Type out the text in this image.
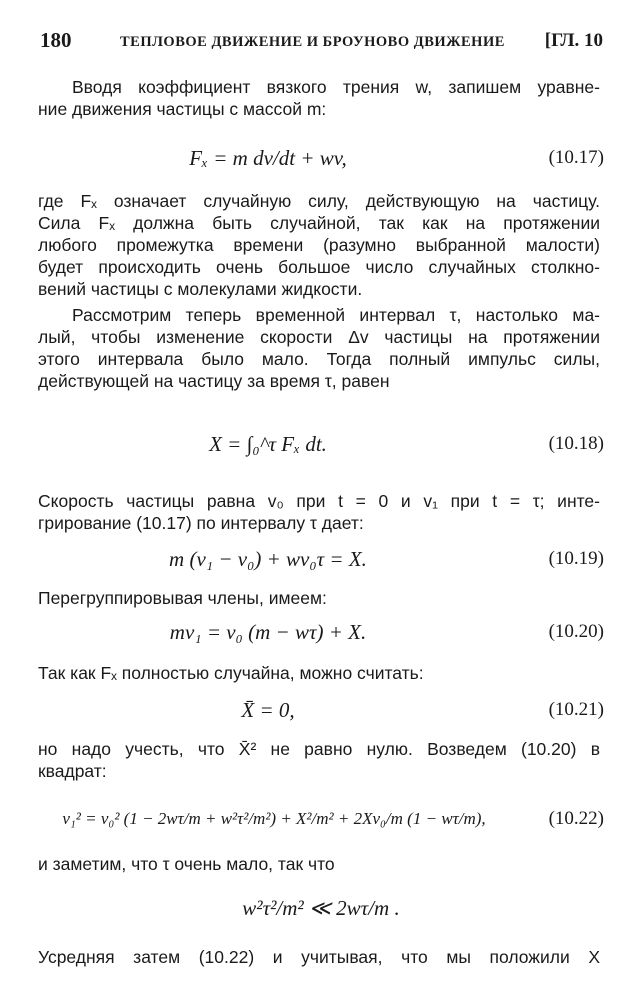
180	ТЕПЛОВОЕ ДВИЖЕНИЕ И БРОУНОВО ДВИЖЕНИЕ [ГЛ. 10
Вводя коэффициент вязкого трения w, запишем уравне-
ние движения частицы с массой m:
Fₓ = m dv/dt + wv,	(10.17)
где Fₓ означает случайную силу, действующую на частицу.
Сила Fₓ должна быть случайной, так как на протяжении
любого промежутка времени (разумно выбранной малости)
будет происходить очень большое число случайных столкно-
вений частицы с молекулами жидкости.
Рассмотрим теперь временной интервал τ, настолько ма-
лый, чтобы изменение скорости Δv частицы на протяжении
этого интервала было мало. Тогда полный импульс силы,
действующей на частицу за время τ, равен
X = ∫₀^τ Fₓ dt.	(10.18)
Скорость частицы равна v₀ при t = 0 и v₁ при t = τ; инте-
грирование (10.17) по интервалу τ дает:
m (v₁ − v₀) + wv₀τ = X.	(10.19)
Перегруппировывая члены, имеем:
mv₁ = v₀ (m − wτ) + X.	(10.20)
Так как Fₓ полностью случайна, можно считать:
X̄ = 0,	(10.21)
но надо учесть, что X̄² не равно нулю. Возведем (10.20) в
квадрат:
v₁² = v₀² (1 − 2wτ/m + w²τ²/m²) + X²/m² + 2Xv₀/m (1 − wτ/m),	(10.22)
и заметим, что τ очень мало, так что
w²τ²/m² ≪ 2wτ/m .
Усредняя затем (10.22) и учитывая, что мы положили X
